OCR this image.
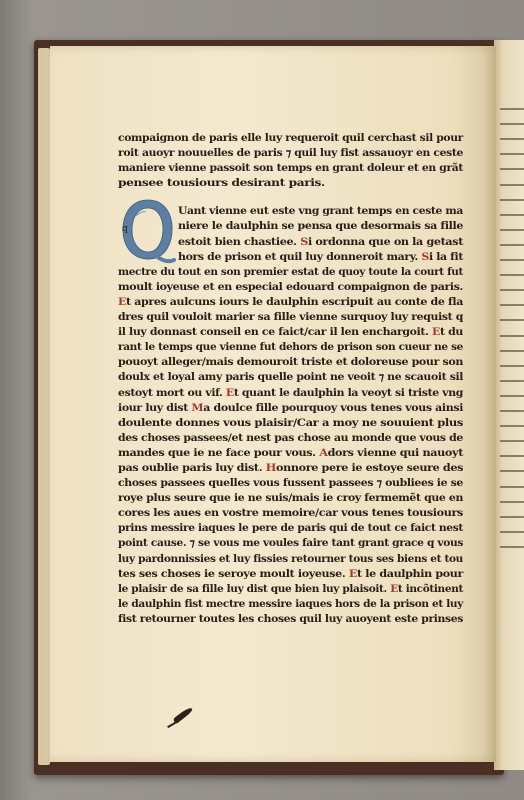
q
compaignon de paris elle luy requeroit quil cerchast sil pour
roit auoyr nouuelles de paris ⁊ quil luy fist assauoyr en ceste
maniere vienne passoit son temps en grant doleur et en grãt
pensee tousiours desirant paris.
Uant vienne eut este vng grant temps en ceste ma
niere le daulphin se pensa que desormais sa fille
estoit bien chastiee. Si ordonna que on la getast
hors de prison et quil luy donneroit mary. Si la fit
mectre du tout en son premier estat de quoy toute la court fut
moult ioyeuse et en especial edouard compaignon de paris.
Et apres aulcuns iours le daulphin escripuit au conte de fla
dres quil vouloit marier sa fille vienne surquoy luy requist q
il luy donnast conseil en ce faict/car il len enchargoit. Et du
rant le temps que vienne fut dehors de prison son cueur ne se
pouoyt alleger/mais demouroit triste et doloreuse pour son
doulx et loyal amy paris quelle point ne veoit ⁊ ne scauoit sil
estoyt mort ou vif. Et quant le daulphin la veoyt si triste vng
iour luy dist Ma doulce fille pourquoy vous tenes vous ainsi
doulente donnes vous plaisir/Car a moy ne souuient plus
des choses passees/et nest pas chose au monde que vous de
mandes que ie ne face pour vous. Adors vienne qui nauoyt
pas oublie paris luy dist. Honnore pere ie estoye seure des
choses passees quelles vous fussent passees ⁊ oubliees ie se
roye plus seure que ie ne suis/mais ie croy fermemẽt que en
cores les aues en vostre memoire/car vous tenes tousiours
prins messire iaques le pere de paris qui de tout ce faict nest
point cause. ⁊ se vous me voules faire tant grant grace q vous
luy pardonnissies et luy fissies retourner tous ses biens et tou
tes ses choses ie seroye moult ioyeuse. Et le daulphin pour
le plaisir de sa fille luy dist que bien luy plaisoit. Et incõtinent
le daulphin fist mectre messire iaques hors de la prison et luy
fist retourner toutes les choses quil luy auoyent este prinses
